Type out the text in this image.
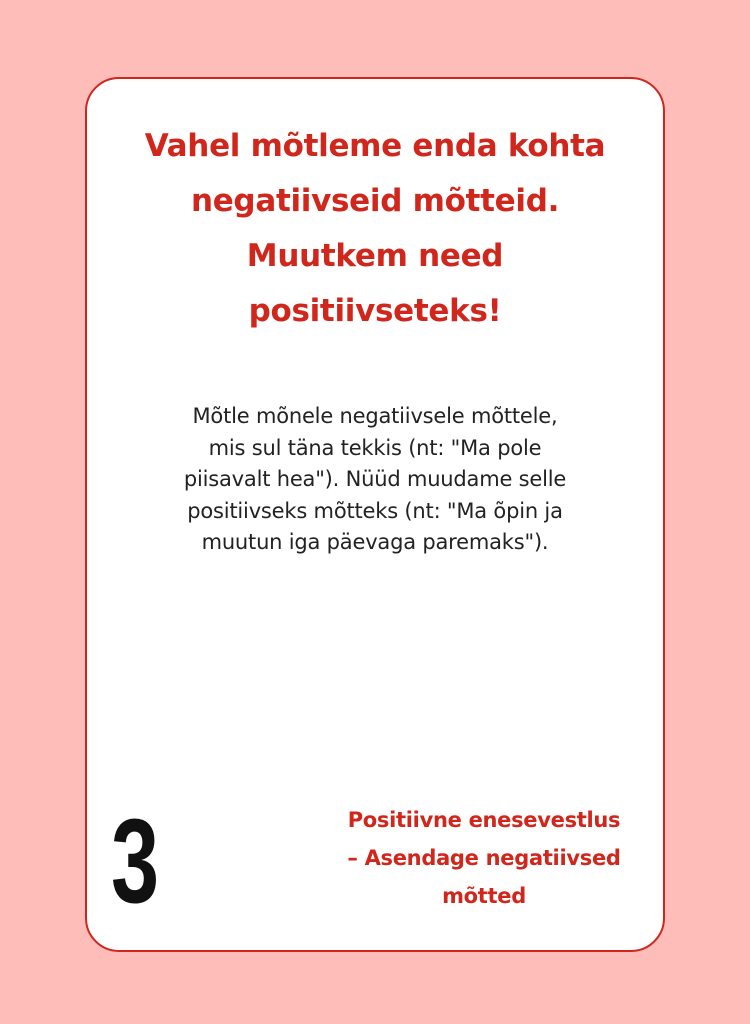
Vahel mõtleme enda kohta
negatiivseid mõtteid.
Muutkem need
positiivseteks!

Mõtle mõnele negatiivsele mõttele,
mis sul täna tekkis (nt: "Ma pole
piisavalt hea"). Nüüd muudame selle
positiivseks mõtteks (nt: "Ma õpin ja
muutun iga päevaga paremaks").

3	Positiivne enesevestlus
– Asendage negatiivsed
mõtted
